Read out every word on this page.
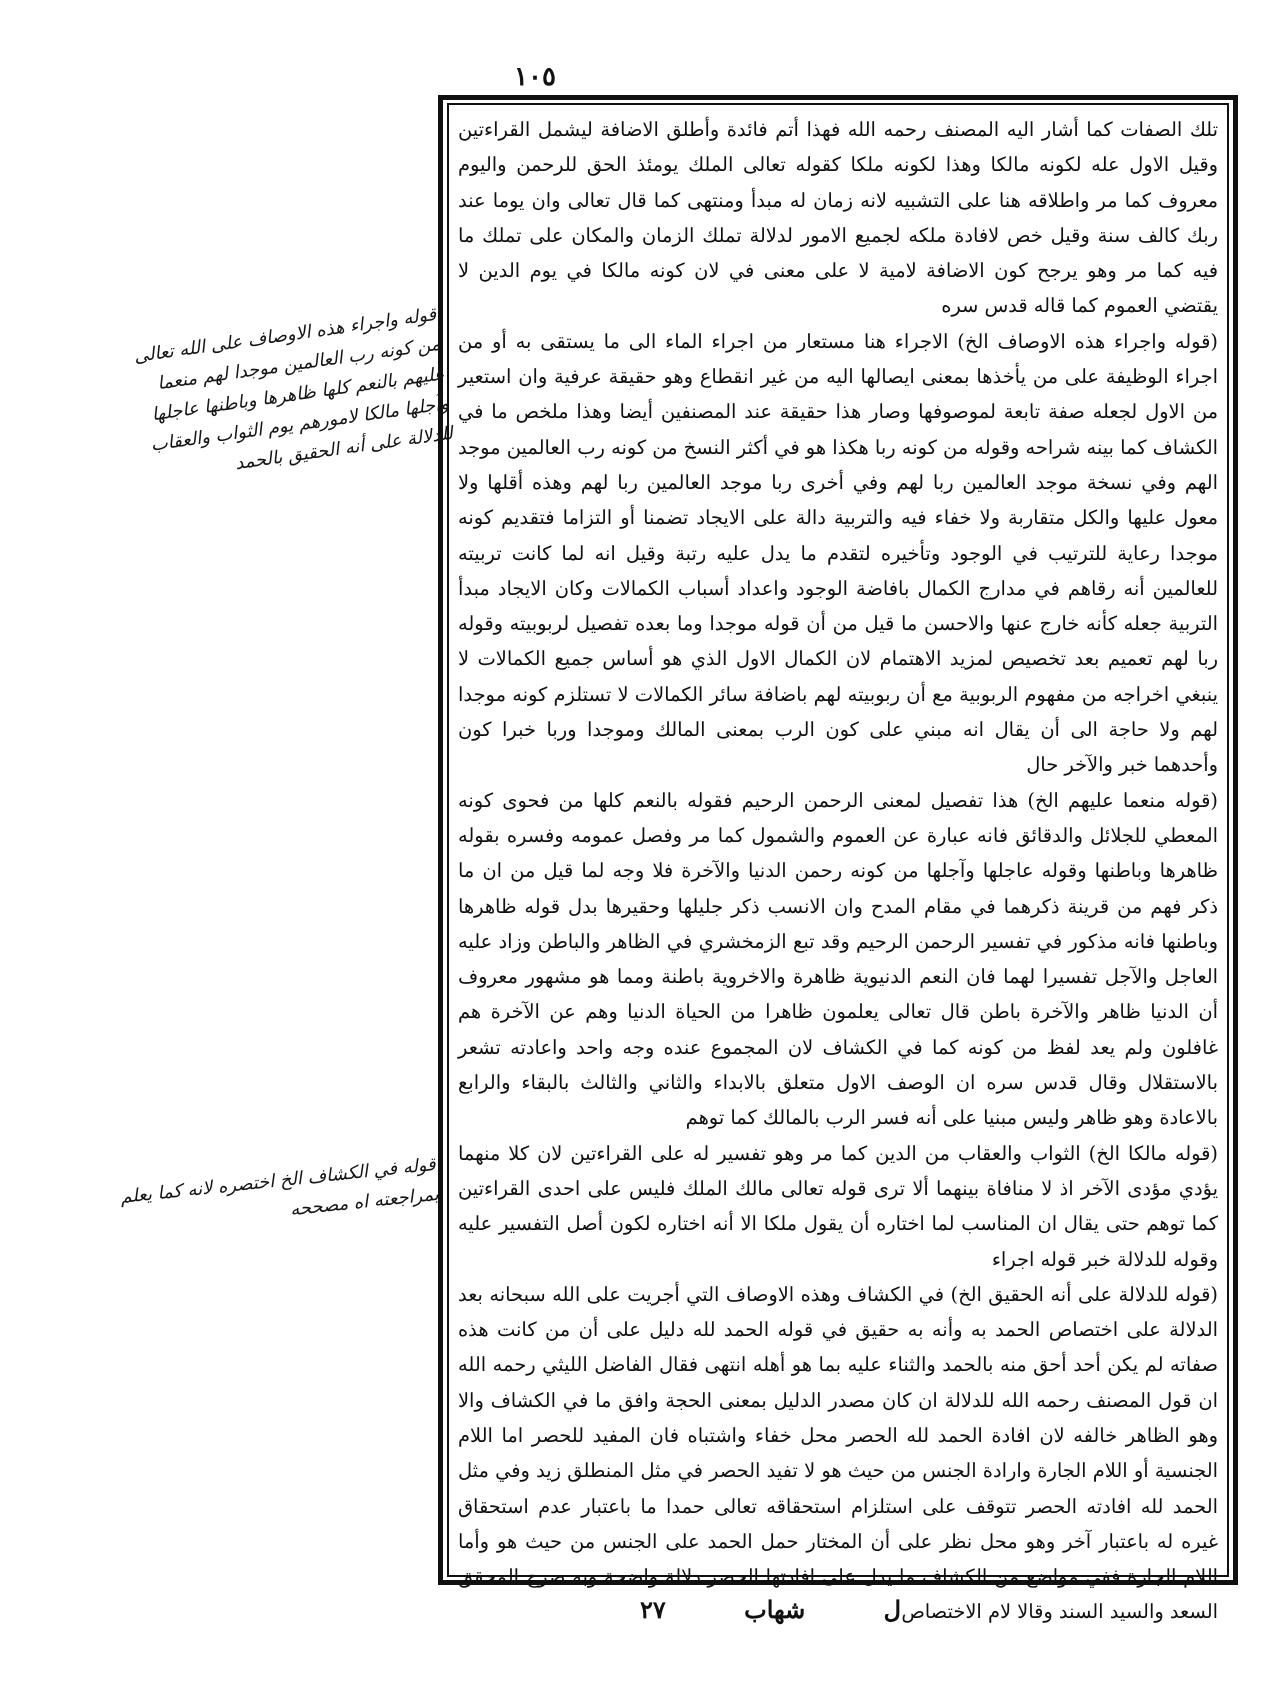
١٠٥

تلك الصفات كما أشار اليه المصنف رحمه الله فهذا أتم فائدة وأطلق الاضافة ليشمل القراءتين وقيل الاول عله لكونه مالكا وهذا لكونه ملكا كقوله تعالى الملك يومئذ الحق للرحمن واليوم معروف كما مر واطلاقه هنا على التشبيه لانه زمان له مبدأ ومنتهى كما قال تعالى وان يوما عند ربك كالف سنة وقيل خص لافادة ملكه لجميع الامور لدلالة تملك الزمان والمكان على تملك ما فيه كما مر وهو يرجح كون الاضافة لامية لا على معنى في لان كونه مالكا في يوم الدين لا يقتضي العموم كما قاله قدس سره

(قوله واجراء هذه الاوصاف الخ) الاجراء هنا مستعار من اجراء الماء الى ما يستقى به أو من اجراء الوظيفة على من يأخذها بمعنى ايصالها اليه من غير انقطاع وهو حقيقة عرفية وان استعير من الاول لجعله صفة تابعة لموصوفها وصار هذا حقيقة عند المصنفين أيضا وهذا ملخص ما في الكشاف كما بينه شراحه وقوله من كونه ربا هكذا هو في أكثر النسخ من كونه رب العالمين موجد الهم وفي نسخة موجد العالمين ربا لهم وفي أخرى ربا موجد العالمين ربا لهم وهذه أقلها ولا معول عليها والكل متقاربة ولا خفاء فيه والتربية دالة على الايجاد تضمنا أو التزاما فتقديم كونه موجدا رعاية للترتيب في الوجود وتأخيره لتقدم ما يدل عليه رتبة وقيل انه لما كانت تربيته للعالمين أنه رقاهم في مدارج الكمال بافاضة الوجود واعداد أسباب الكمالات وكان الايجاد مبدأ التربية جعله كأنه خارج عنها والاحسن ما قيل من أن قوله موجدا وما بعده تفصيل لربوبيته وقوله ربا لهم تعميم بعد تخصيص لمزيد الاهتمام لان الكمال الاول الذي هو أساس جميع الكمالات لا ينبغي اخراجه من مفهوم الربوبية مع أن ربوبيته لهم باضافة سائر الكمالات لا تستلزم كونه موجدا لهم ولا حاجة الى أن يقال انه مبني على كون الرب بمعنى المالك وموجدا وربا خبرا كون وأحدهما خبر والآخر حال

(قوله منعما عليهم الخ) هذا تفصيل لمعنى الرحمن الرحيم فقوله بالنعم كلها من فحوى كونه المعطي للجلائل والدقائق فانه عبارة عن العموم والشمول كما مر وفصل عمومه وفسره بقوله ظاهرها وباطنها وقوله عاجلها وآجلها من كونه رحمن الدنيا والآخرة فلا وجه لما قيل من ان ما ذكر فهم من قرينة ذكرهما في مقام المدح وان الانسب ذكر جليلها وحقيرها بدل قوله ظاهرها وباطنها فانه مذكور في تفسير الرحمن الرحيم وقد تبع الزمخشري في الظاهر والباطن وزاد عليه العاجل والآجل تفسيرا لهما فان النعم الدنيوية ظاهرة والاخروية باطنة ومما هو مشهور معروف أن الدنيا ظاهر والآخرة باطن قال تعالى يعلمون ظاهرا من الحياة الدنيا وهم عن الآخرة هم غافلون ولم يعد لفظ من كونه كما في الكشاف لان المجموع عنده وجه واحد واعادته تشعر بالاستقلال وقال قدس سره ان الوصف الاول متعلق بالابداء والثاني والثالث بالبقاء والرابع بالاعادة وهو ظاهر وليس مبنيا على أنه فسر الرب بالمالك كما توهم

(قوله مالكا الخ) الثواب والعقاب من الدين كما مر وهو تفسير له على القراءتين لان كلا منهما يؤدي مؤدى الآخر اذ لا منافاة بينهما ألا ترى قوله تعالى مالك الملك فليس على احدى القراءتين كما توهم حتى يقال ان المناسب لما اختاره أن يقول ملكا الا أنه اختاره لكون أصل التفسير عليه وقوله للدلالة خبر قوله اجراء

(قوله للدلالة على أنه الحقيق الخ) في الكشاف وهذه الاوصاف التي أجريت على الله سبحانه بعد الدلالة على اختصاص الحمد به وأنه به حقيق في قوله الحمد لله دليل على أن من كانت هذه صفاته لم يكن أحد أحق منه بالحمد والثناء عليه بما هو أهله انتهى فقال الفاضل الليثي رحمه الله ان قول المصنف رحمه الله للدلالة ان كان مصدر الدليل بمعنى الحجة وافق ما في الكشاف والا وهو الظاهر خالفه لان افادة الحمد لله الحصر محل خفاء واشتباه فان المفيد للحصر اما اللام الجنسية أو اللام الجارة وارادة الجنس من حيث هو لا تفيد الحصر في مثل المنطلق زيد وفي مثل الحمد لله افادته الحصر تتوقف على استلزام استحقاقه تعالى حمدا ما باعتبار عدم استحقاق غيره له باعتبار آخر وهو محل نظر على أن المختار حمل الحمد على الجنس من حيث هو وأما اللام الجارة ففي مواضع من الكشاف ما يدل على افادتها الحصر دلالة واضحة وبه صرح المحقق السعد والسيد السند وقالا لام الاختصاص

قوله واجراء هذه الاوصاف على الله تعالى من كونه رب العالمين موجدا لهم منعما عليهم بالنعم كلها ظاهرها وباطنها عاجلها وآجلها مالكا لامورهم يوم الثواب والعقاب للدلالة على أنه الحقيق بالحمد
قوله في الكشاف الخ اختصره لانه كما يعلم بمراجعته اه مصححه
ل شهاب ٢٧
